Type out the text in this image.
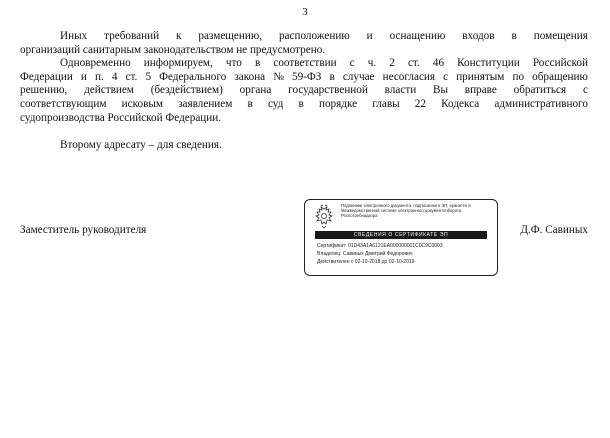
3
Иных требований к размещению, расположению и оснащению входов в помещения
организаций санитарным законодательством не предусмотрено.
Одновременно информируем, что в соответствии с ч. 2 ст. 46 Конституции Российской
Федерации и п. 4 ст. 5 Федерального закона № 59-ФЗ в случае несогласия с принятым по обращению
решению, действием (бездействием) органа государственной власти Вы вправе обратиться с
соответствующим исковым заявлением в суд в порядке главы 22 Кодекса административного
судопроизводства Российской Федерации.
Второму адресату – для сведения.
Заместитель руководителя	Д.Ф. Савиных
Подлинник электронного документа, подписанного ЭП, хранится в Межведомственной системе электронного документооборота Роспотребнадзора
СВЕДЕНИЯ О СЕРТИФИКАТЕ ЭП
Сертификат: 01D43A1A6121EA000000001C0C9C0003
Владелец: Савиных Дмитрий Федорович
Действителен с 02-10-2018 до 02-10-2019
